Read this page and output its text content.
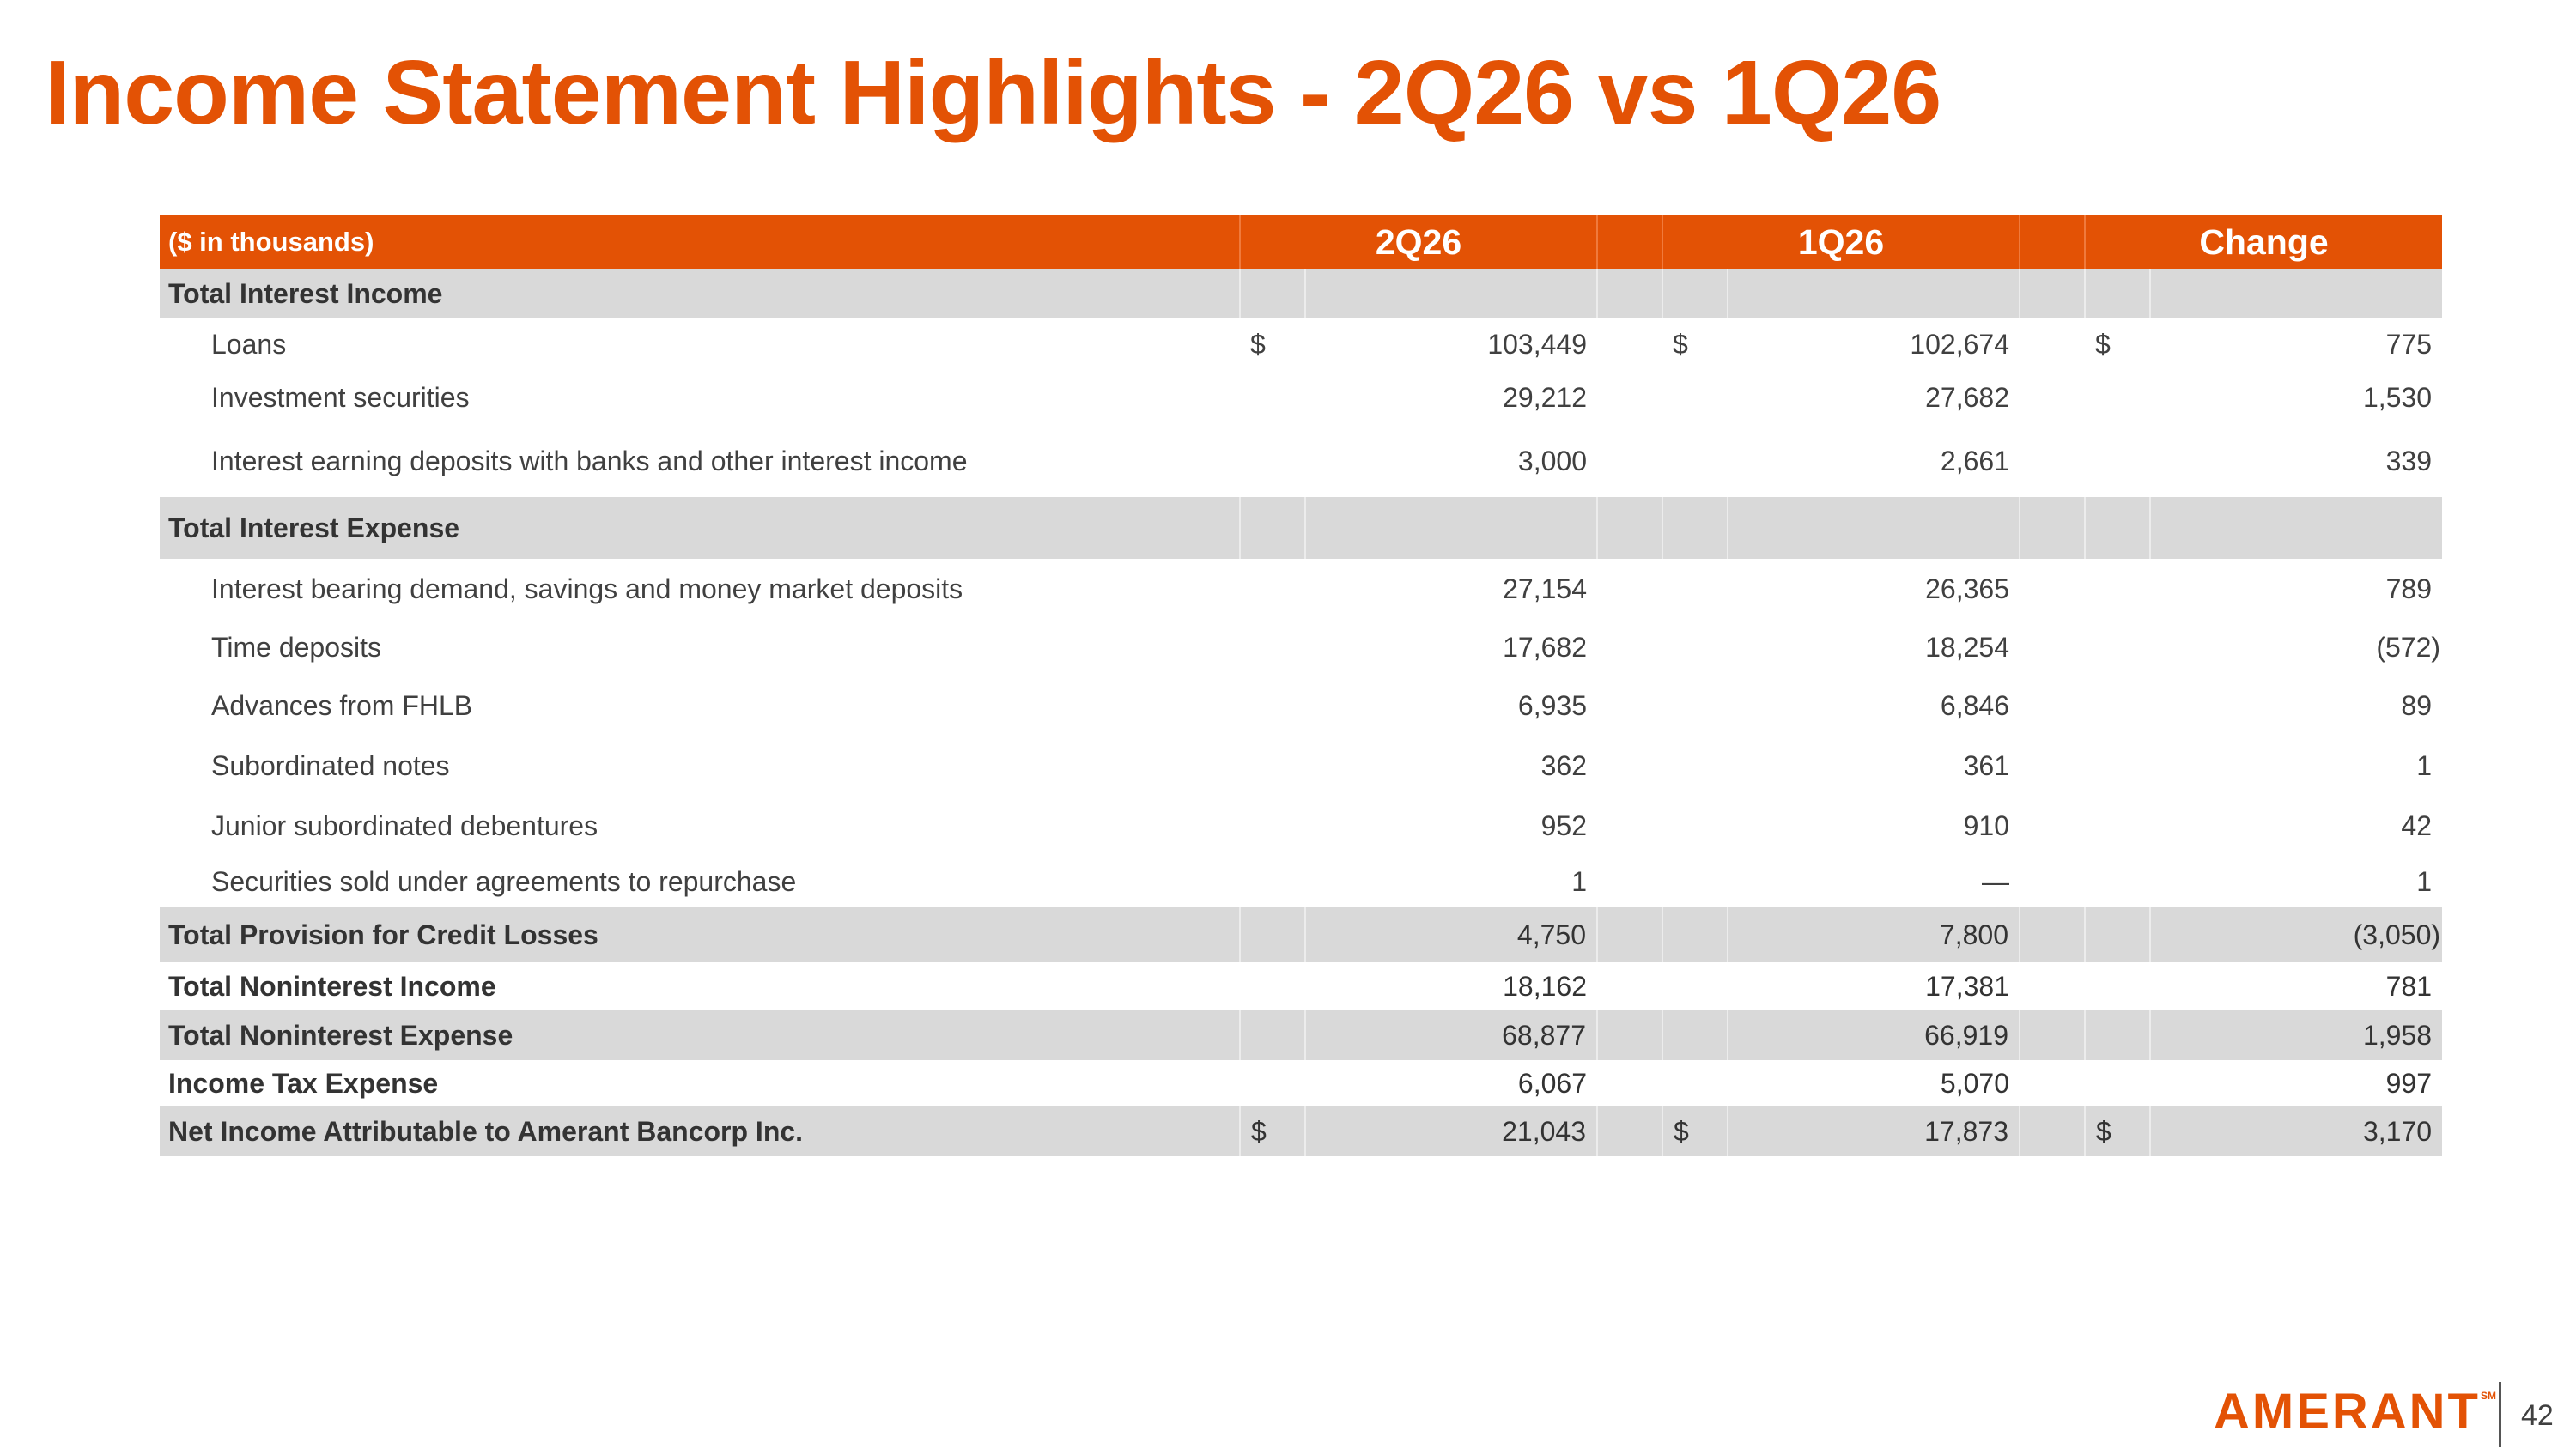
Income Statement Highlights - 2Q26 vs 1Q26
($ in thousands)	2Q26			1Q26			Change	
Total Interest Income								
Loans	$	103,449		$	102,674		$	775
Investment securities		29,212			27,682			1,530
Interest earning deposits with banks and other interest income		3,000			2,661			339
Total Interest Expense								
Interest bearing demand, savings and money market deposits		27,154			26,365			789
Time deposits		17,682			18,254			(572)
Advances from FHLB		6,935			6,846			89
Subordinated notes		362			361			1
Junior subordinated debentures		952			910			42
Securities sold under agreements to repurchase		1			—			1
Total Provision for Credit Losses		4,750			7,800			(3,050)
Total Noninterest Income		18,162			17,381			781
Total Noninterest Expense		68,877			66,919			1,958
Income Tax Expense		6,067			5,070			997
Net Income Attributable to Amerant Bancorp Inc.	$	21,043		$	17,873		$	3,170
AMERANT℠
42
